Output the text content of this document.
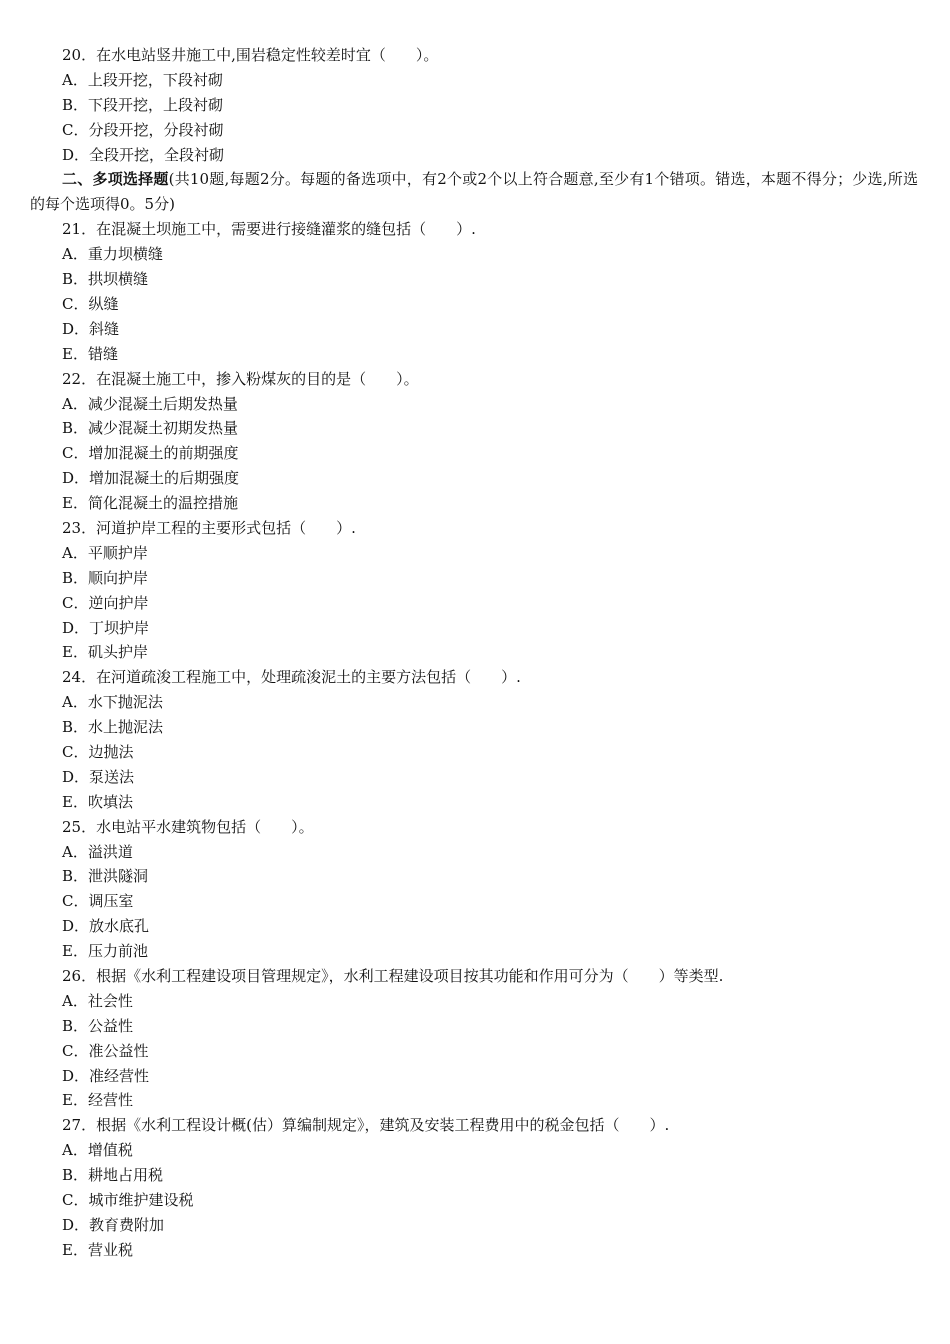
20．在水电站竖井施工中,围岩稳定性较差时宜（　　）。
A．上段开挖，下段衬砌
B．下段开挖，上段衬砌
C．分段开挖，分段衬砌
D．全段开挖，全段衬砌
二、多项选择题(共10题,每题2分。每题的备选项中，有2个或2个以上符合题意,至少有1个错项。错选，本题不得分；少选,所选的每个选项得0。5分)
21．在混凝土坝施工中，需要进行接缝灌浆的缝包括（　　）.
A．重力坝横缝
B．拱坝横缝
C．纵缝
D．斜缝
E．错缝
22．在混凝土施工中，掺入粉煤灰的目的是（　　）。
A．减少混凝土后期发热量
B．减少混凝土初期发热量
C．增加混凝土的前期强度
D．增加混凝土的后期强度
E．简化混凝土的温控措施
23．河道护岸工程的主要形式包括（　　）.
A．平顺护岸
B．顺向护岸
C．逆向护岸
D．丁坝护岸
E．矶头护岸
24．在河道疏浚工程施工中，处理疏浚泥土的主要方法包括（　　）.
A．水下抛泥法
B．水上抛泥法
C．边抛法
D．泵送法
E．吹填法
25．水电站平水建筑物包括（　　）。
A．溢洪道
B．泄洪隧洞
C．调压室
D．放水底孔
E．压力前池
26．根据《水利工程建设项目管理规定》，水利工程建设项目按其功能和作用可分为（　　）等类型.
A．社会性
B．公益性
C．准公益性
D．准经营性
E．经营性
27．根据《水利工程设计概(估）算编制规定》，建筑及安装工程费用中的税金包括（　　）.
A．增值税
B．耕地占用税
C．城市维护建设税
D．教育费附加
E．营业税
